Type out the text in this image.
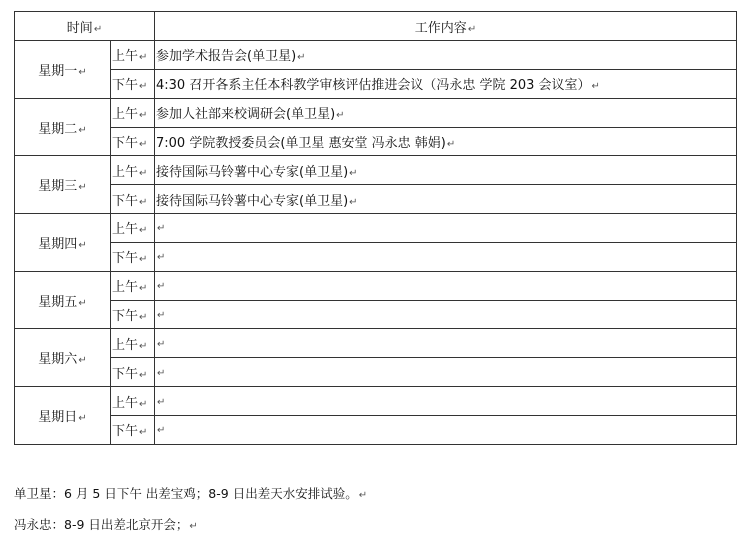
时间↵		工作内容↵
星期一↵	上午↵	参加学术报告会(单卫星)↵
	下午↵	4:30 召开各系主任本科教学审核评估推进会议（冯永忠 学院 203 会议室）↵
星期二↵	上午↵	参加人社部来校调研会(单卫星)↵
	下午↵	7:00 学院教授委员会(单卫星 惠安堂 冯永忠 韩娟)↵
星期三↵	上午↵	接待国际马铃薯中心专家(单卫星)↵
	下午↵	接待国际马铃薯中心专家(单卫星)↵
星期四↵	上午↵	↵
	下午↵	↵
星期五↵	上午↵	↵
	下午↵	↵
星期六↵	上午↵	↵
	下午↵	↵
星期日↵	上午↵	↵
	下午↵	↵
单卫星：6 月 5 日下午 出差宝鸡；8-9 日出差天水安排试验。↵
冯永忠：8-9 日出差北京开会；↵
